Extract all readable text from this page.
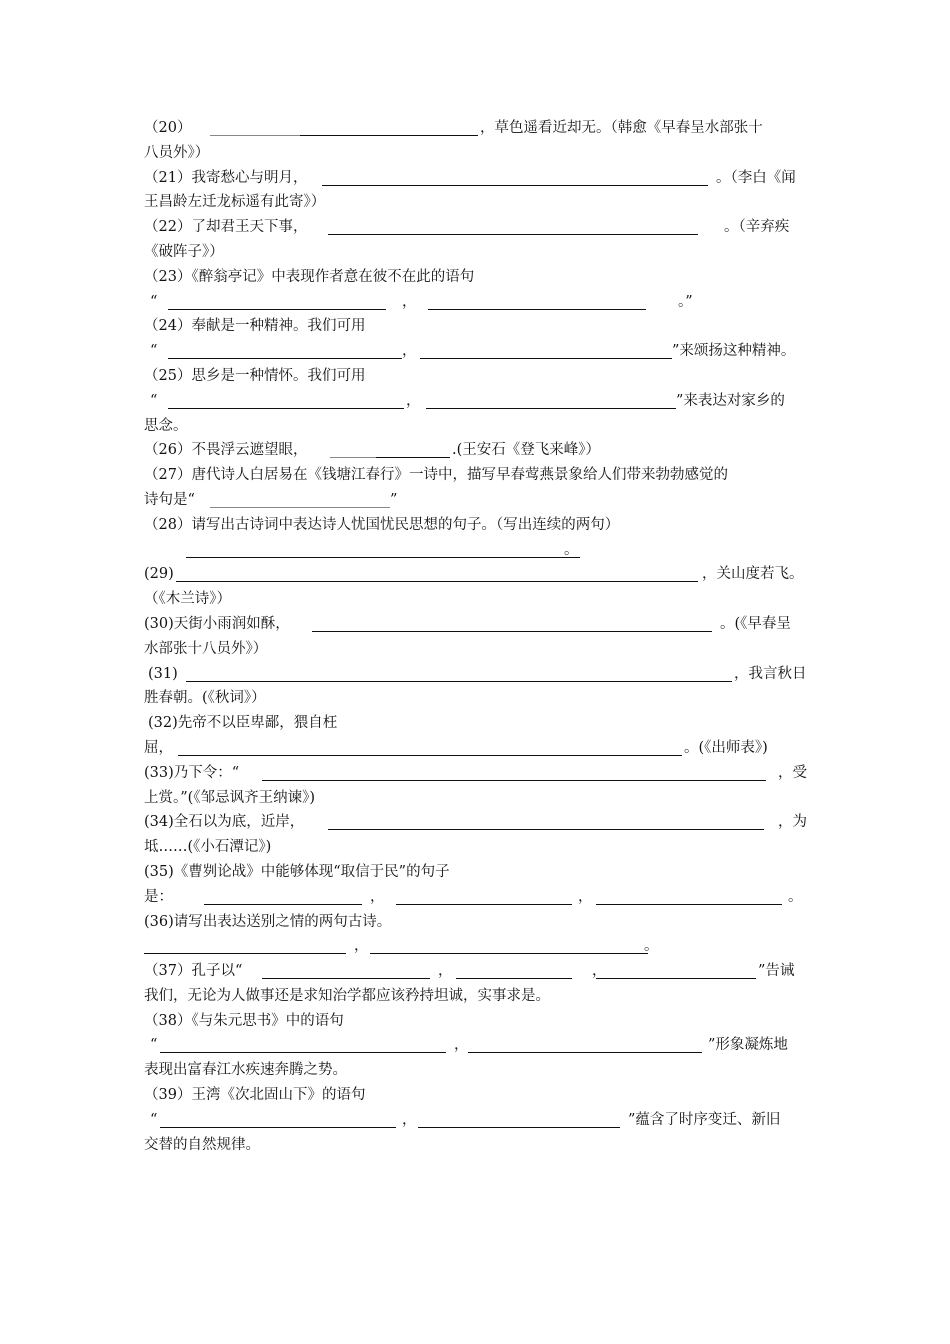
（20）	，草色遥看近却无。（韩愈《早春呈水部张十
八员外》）
（21）我寄愁心与明月，	。（李白《闻
王昌龄左迁龙标遥有此寄》）
（22）了却君王天下事，	。（辛弃疾
《破阵子》）
（23）《醉翁亭记》中表现作者意在彼不在此的语句
“	，	。”
（24）奉献是一种精神。我们可用
“	，	”来颂扬这种精神。
（25）思乡是一种情怀。我们可用
“	，	”来表达对家乡的
思念。
（26）不畏浮云遮望眼，	.(王安石《登飞来峰》）
（27）唐代诗人白居易在《钱塘江春行》一诗中，描写早春莺燕景象给人们带来勃勃感觉的
诗句是“	”
（28）请写出古诗词中表达诗人忧国忧民思想的句子。（写出连续的两句）
。
(29)	，关山度若飞。
（《木兰诗》）
(30)天街小雨润如酥，	。(《早春呈
水部张十八员外》）
(31)	，我言秋日
胜春朝。(《秋词》）
(32)先帝不以臣卑鄙，猥自枉
屈，	。(《出师表》)
(33)乃下令：“	，受
上赏。”(《邹忌讽齐王纳谏》)
(34)全石以为底，近岸，	，为
坻……(《小石潭记》)
(35)《曹刿论战》中能够体现“取信于民”的句子
是：	，	，	。
(36)请写出表达送别之情的两句古诗。
，	。
（37）孔子以“	，	，	”告诫
我们，无论为人做事还是求知治学都应该矜持坦诚，实事求是。
（38）《与朱元思书》中的语句
“	，	”形象凝炼地
表现出富春江水疾速奔腾之势。
（39）王湾《次北固山下》的语句
“	，	”蕴含了时序变迁、新旧
交替的自然规律。
